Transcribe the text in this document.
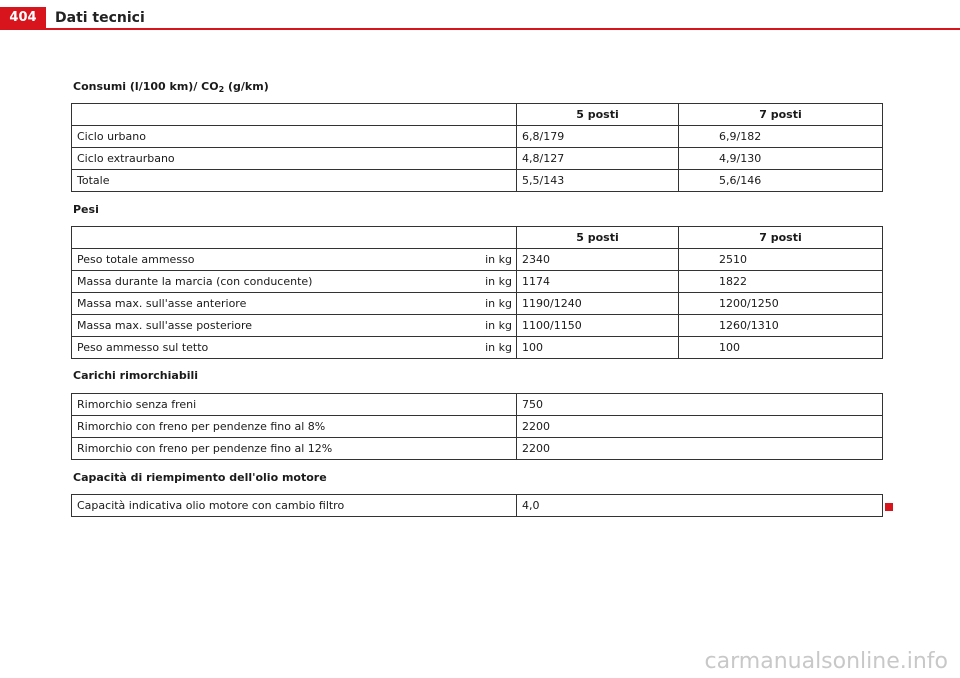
404	Dati tecnici
Consumi (l/100 km)/ $CO_2$ (g/km)
	5 posti	7 posti
Ciclo urbano	6,8/179	6,9/182
Ciclo extraurbano	4,8/127	4,9/130
Totale	5,5/143	5,6/146
Pesi
		5 posti	7 posti
Peso totale ammesso	in kg	2340	2510
Massa durante la marcia (con conducente)	in kg	1174	1822
Massa max. sull'asse anteriore	in kg	1190/1240	1200/1250
Massa max. sull'asse posteriore	in kg	1100/1150	1260/1310
Peso ammesso sul tetto	in kg	100	100
Carichi rimorchiabili
Rimorchio senza freni	750
Rimorchio con freno per pendenze fino al 8%	2200
Rimorchio con freno per pendenze fino al 12%	2200
Capacità di riempimento dell'olio motore
Capacità indicativa olio motore con cambio filtro	4,0
carmanualsonline.info
